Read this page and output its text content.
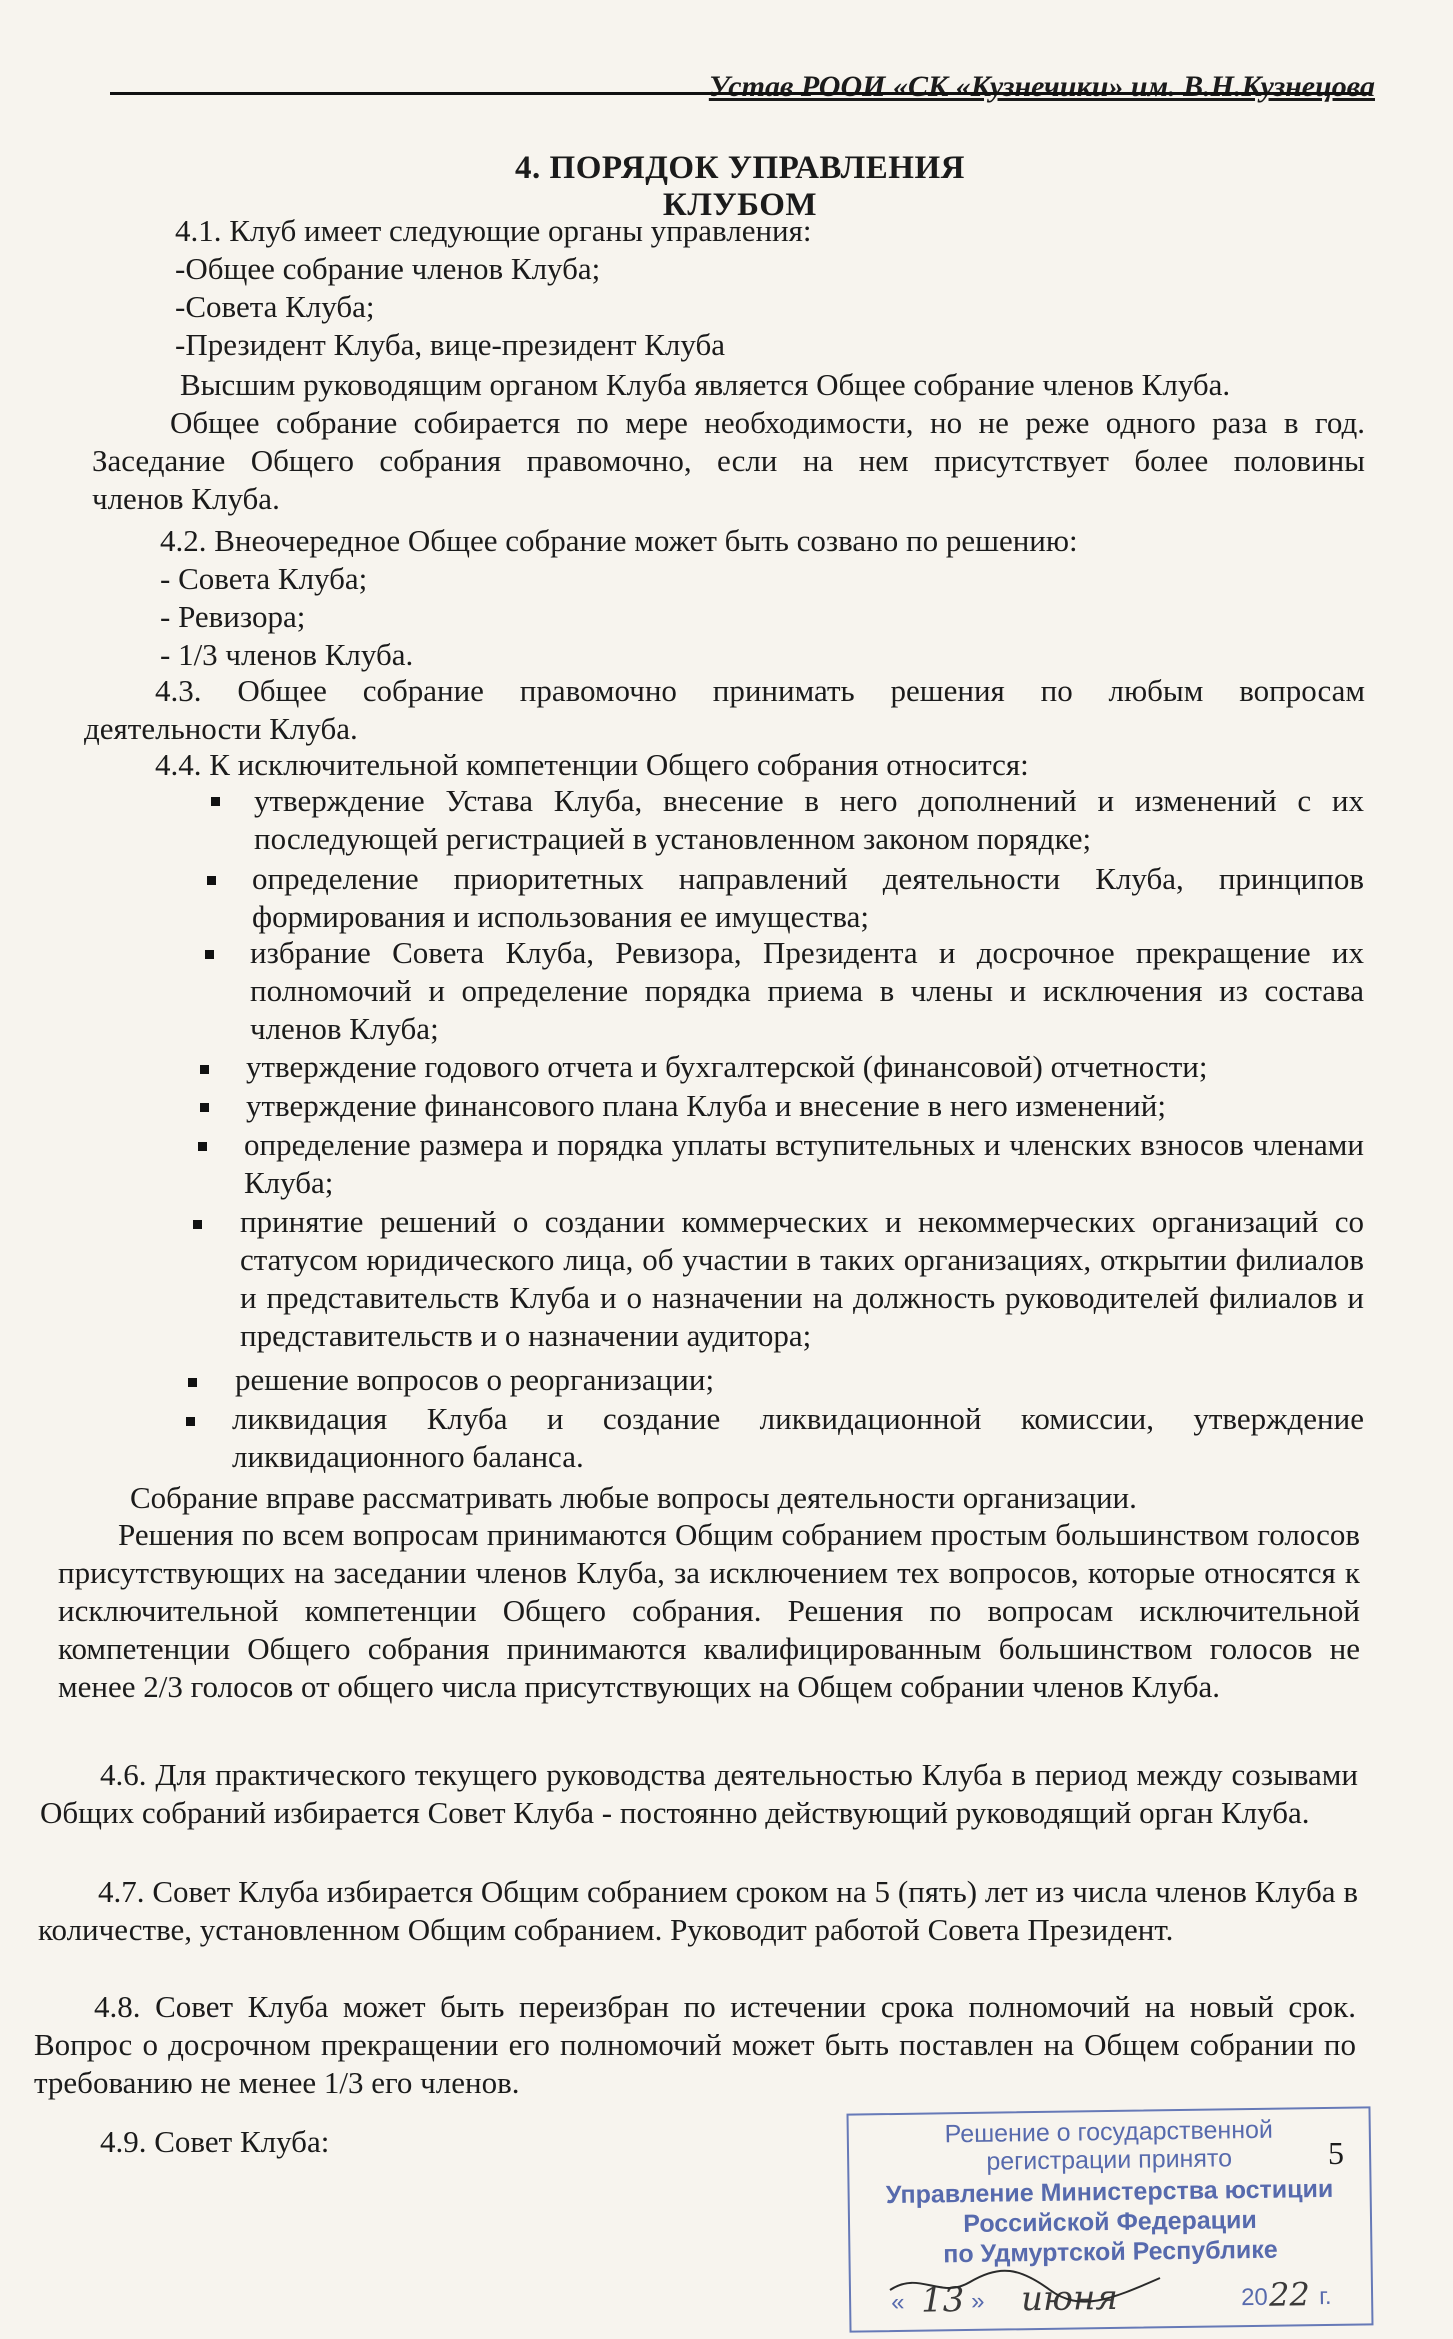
Устав РООИ «СК «Кузнечики» им. В.Н.Кузнецова
4. ПОРЯДОК УПРАВЛЕНИЯ КЛУБОМ
4.1. Клуб имеет следующие органы управления:
-Общее собрание членов Клуба;
-Совета Клуба;
-Президент Клуба, вице-президент Клуба
Высшим руководящим органом Клуба является Общее собрание членов Клуба.
Общее собрание собирается по мере необходимости, но не реже одного раза в год.
Заседание Общего собрания правомочно, если на нем присутствует более половины
членов Клуба.
4.2. Внеочередное Общее собрание может быть созвано по решению:
- Совета Клуба;
- Ревизора;
- 1/3 членов Клуба.
4.3. Общее собрание правомочно принимать решения по любым вопросам
деятельности Клуба.
4.4. К исключительной компетенции Общего собрания относится:
утверждение Устава Клуба, внесение в него дополнений и изменений с их последующей регистрацией в установленном законом порядке;
определение приоритетных направлений деятельности Клуба, принципов формирования и использования ее имущества;
избрание Совета Клуба, Ревизора, Президента и досрочное прекращение их полномочий и определение порядка приема в члены и исключения из состава членов Клуба;
утверждение годового отчета и бухгалтерской (финансовой) отчетности;
утверждение финансового плана Клуба и внесение в него изменений;
определение размера и порядка уплаты вступительных и членских взносов членами Клуба;
принятие решений о создании коммерческих и некоммерческих организаций со статусом юридического лица, об участии в таких организациях, открытии филиалов и представительств Клуба и о назначении на должность руководителей филиалов и представительств и о назначении аудитора;
решение вопросов о реорганизации;
ликвидация Клуба и создание ликвидационной комиссии, утверждение ликвидационного баланса.
Собрание вправе рассматривать любые вопросы деятельности организации.
Решения по всем вопросам принимаются Общим собранием простым большинством голосов присутствующих на заседании членов Клуба, за исключением тех вопросов, которые относятся к исключительной компетенции Общего собрания. Решения по вопросам исключительной компетенции Общего собрания принимаются квалифицированным большинством голосов не менее 2/3 голосов от общего числа присутствующих на Общем собрании членов Клуба.
4.6. Для практического текущего руководства деятельностью Клуба в период между созывами Общих собраний избирается Совет Клуба - постоянно действующий руководящий орган Клуба.
4.7. Совет Клуба избирается Общим собранием сроком на 5 (пять) лет из числа членов Клуба в количестве, установленном Общим собранием. Руководит работой Совета Президент.
4.8. Совет Клуба может быть переизбран по истечении срока полномочий на новый срок. Вопрос о досрочном прекращении его полномочий может быть поставлен на Общем собрании по требованию не менее 1/3 его членов.
4.9. Совет Клуба:	Решение о государственной
регистрации принято
Управление Министерства юстиции
Российской Федерации
по Удмуртской Республике
« 13 » июня	20 22 г.
5
